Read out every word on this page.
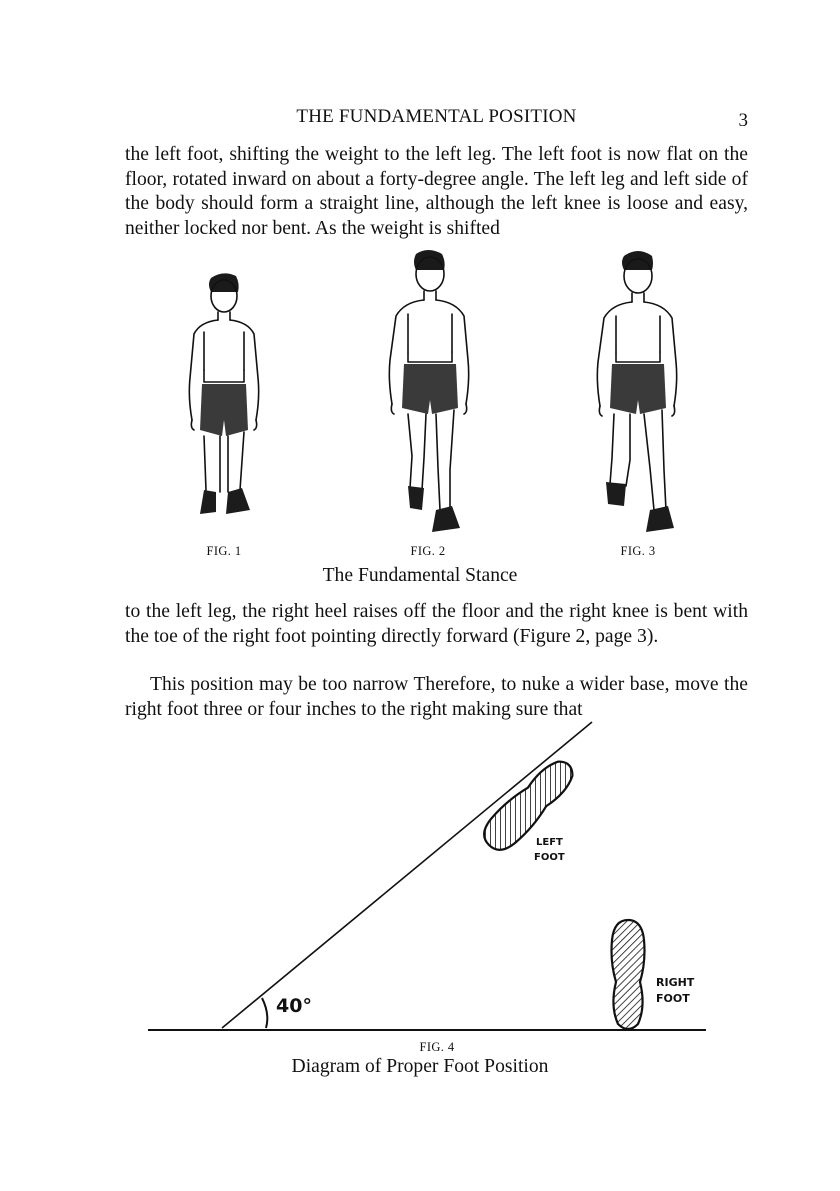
THE FUNDAMENTAL POSITION	3

the left foot, shifting the weight to the left leg. The left foot is now flat on the floor, rotated inward on about a forty-degree angle. The left leg and left side of the body should form a straight line, although the left knee is loose and easy, neither locked nor bent. As the weight is shifted

FIG. 1	FIG. 2	FIG. 3
The Fundamental Stance

to the left leg, the right heel raises off the floor and the right knee is bent with the toe of the right foot pointing directly forward (Figure 2, page 3).

This position may be too narrow Therefore, to nuke a wider base, move the right foot three or four inches to the right making sure that

40°
LEFT
FOOT
RIGHT
FOOT
FIG. 4
Diagram of Proper Foot Position
